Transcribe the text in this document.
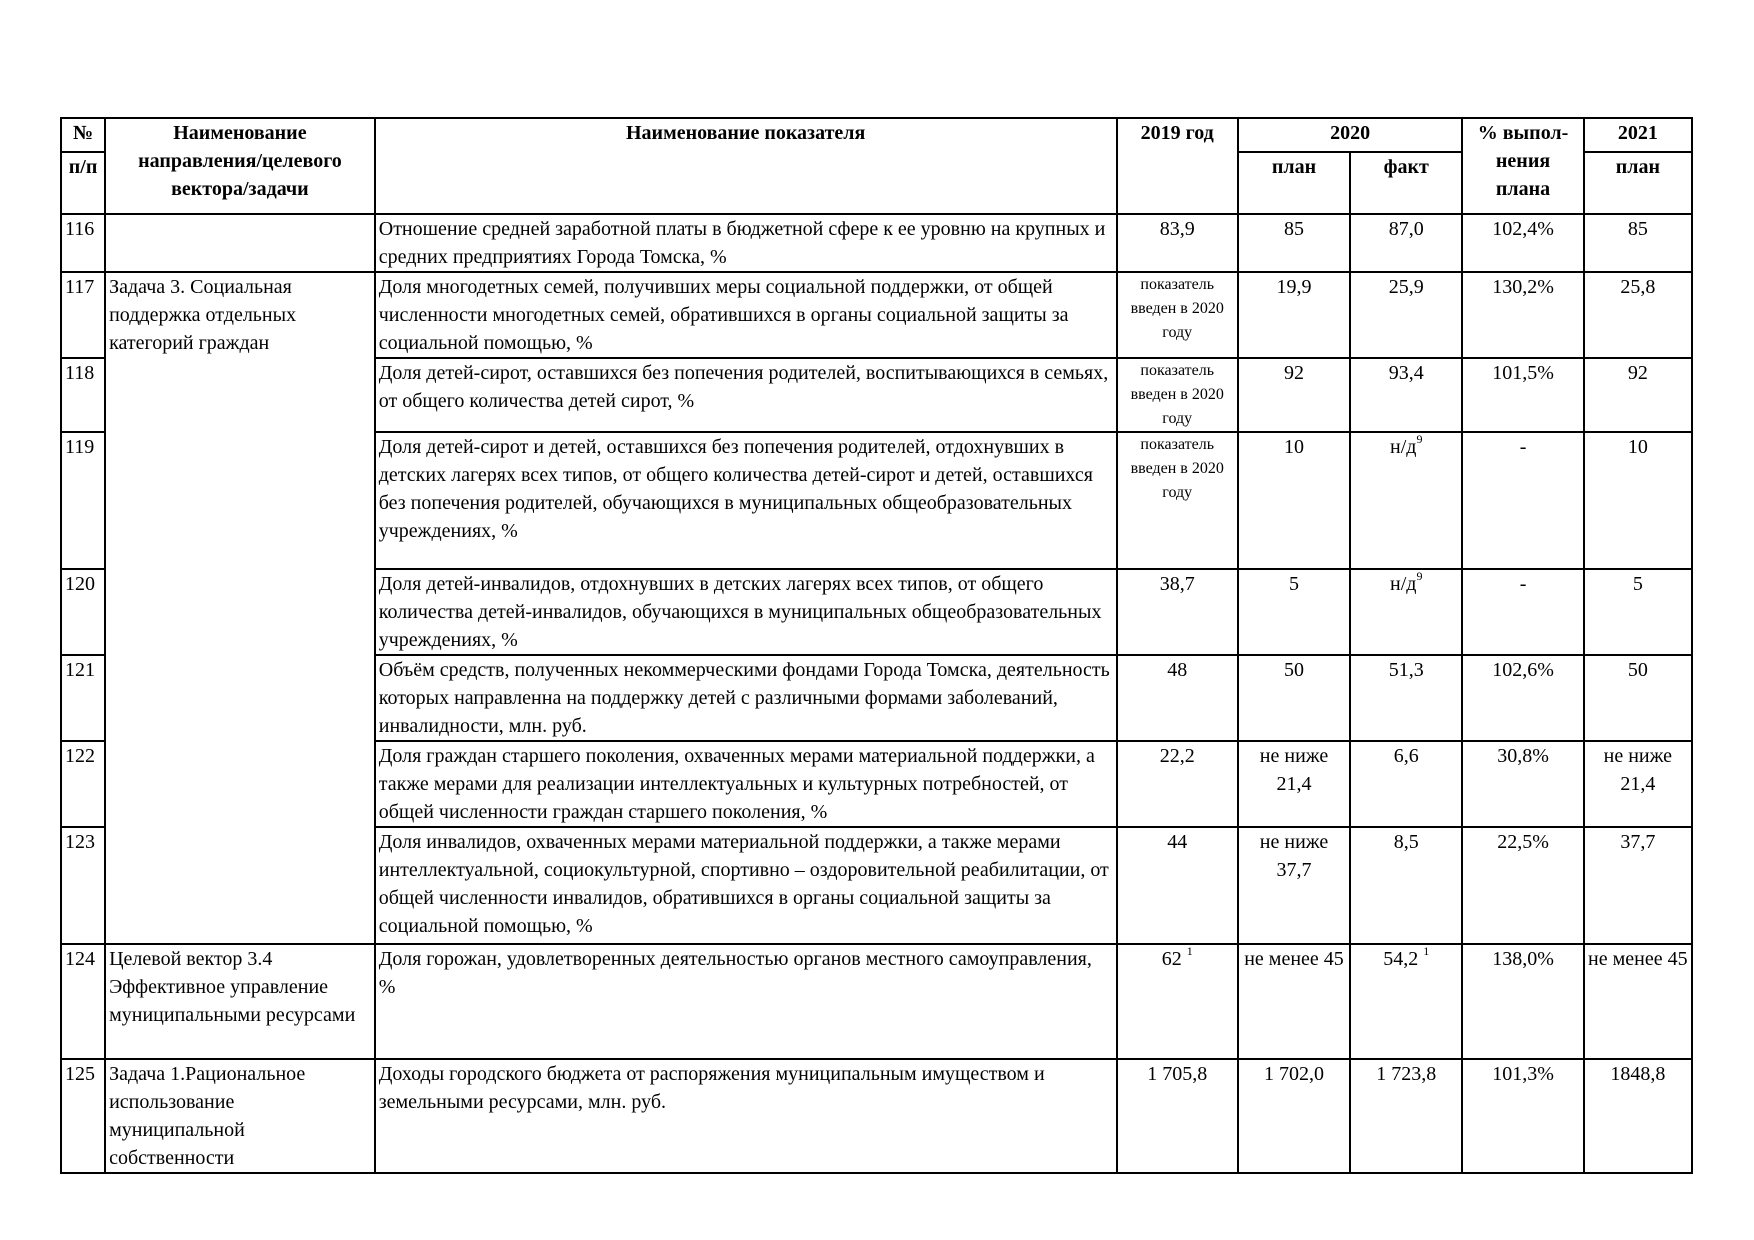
№	Наименование направления/целевого вектора/задачи	Наименование показателя	2019 год	2020		% выпол-нения плана	2021
п/п				план	факт		план
116		Отношение средней заработной платы в бюджетной сфере к ее уровню на крупных и средних предприятиях Города Томска, %	83,9	85	87,0	102,4%	85
117	Задача 3. Социальная поддержка отдельных категорий граждан	Доля многодетных семей, получивших меры социальной поддержки, от общей численности многодетных семей, обратившихся в органы социальной защиты за социальной помощью, %	показатель введен в 2020 году	19,9	25,9	130,2%	25,8
118		Доля детей-сирот, оставшихся без попечения родителей, воспитывающихся в семьях, от общего количества детей сирот, %	показатель введен в 2020 году	92	93,4	101,5%	92
119		Доля детей-сирот и детей, оставшихся без попечения родителей, отдохнувших в детских лагерях всех типов, от общего количества детей-сирот и детей, оставшихся без попечения родителей, обучающихся в муниципальных общеобразовательных учреждениях, %	показатель введен в 2020 году	10	$н/д^9$	-	10
120		Доля детей-инвалидов, отдохнувших в детских лагерях всех типов, от общего количества детей-инвалидов, обучающихся в муниципальных общеобразовательных учреждениях, %	38,7	5	$н/д^9$	-	5
121		Объём средств, полученных некоммерческими фондами Города Томска, деятельность которых направленна на поддержку детей с различными формами заболеваний, инвалидности, млн. руб.	48	50	51,3	102,6%	50
122		Доля граждан старшего поколения, охваченных мерами материальной поддержки, а также мерами для реализации интеллектуальных и культурных потребностей, от общей численности граждан старшего поколения, %	22,2	не ниже 21,4	6,6	30,8%	не ниже 21,4
123		Доля инвалидов, охваченных мерами материальной поддержки, а также мерами интеллектуальной, социокультурной, спортивно – оздоровительной реабилитации, от общей численности инвалидов, обратившихся в органы социальной защиты за социальной помощью, %	44	не ниже 37,7	8,5	22,5%	37,7
124	Целевой вектор 3.4 Эффективное управление муниципальными ресурсами	Доля горожан, удовлетворенных деятельностью органов местного самоуправления, %	62 $^1$	не менее 45	54,2 $^1$	138,0%	не менее 45
125	Задача 1.Рациональное использование муниципальной собственности	Доходы городского бюджета от распоряжения муниципальным имуществом и земельными ресурсами, млн. руб.	1 705,8	1 702,0	1 723,8	101,3%	1848,8
